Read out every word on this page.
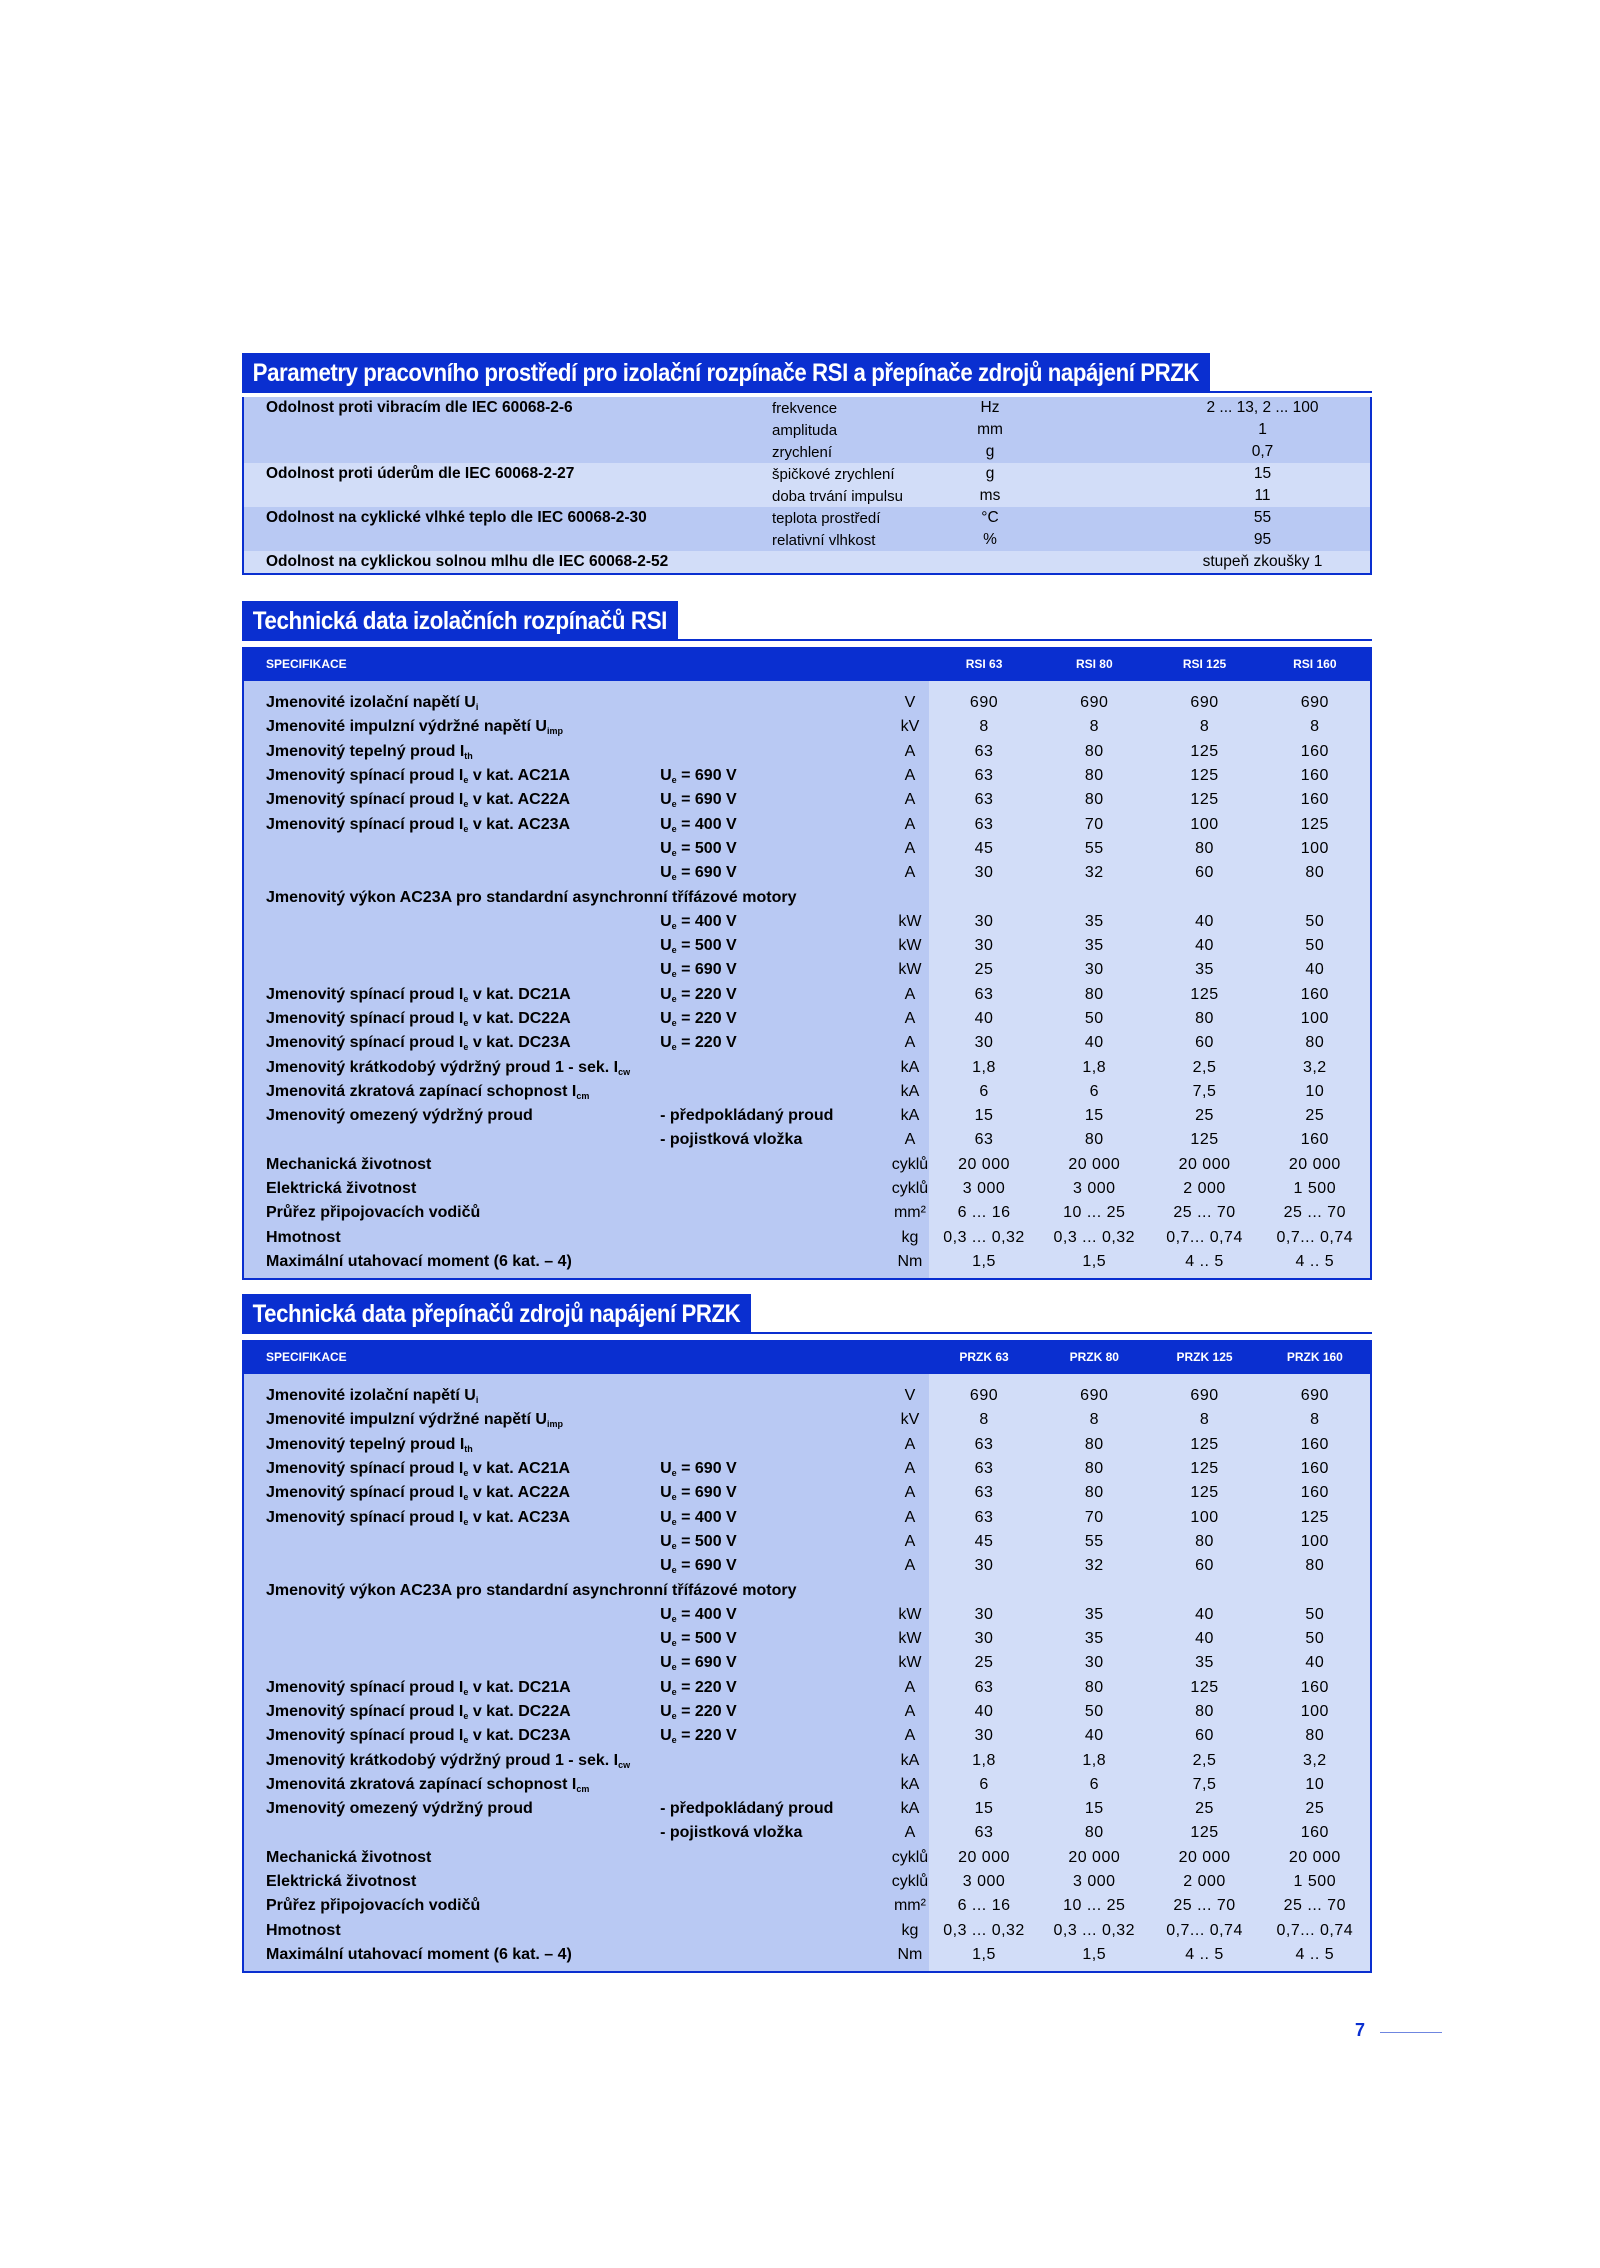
Parametry pracovního prostředí pro izolační rozpínače RSI a přepínače zdrojů napájení PRZK
Odolnost proti vibracím dle IEC 60068-2-6	frekvence	Hz	2 ... 13, 2 ... 100
	amplituda	mm	1
	zrychlení	g	0,7
Odolnost proti úderům dle IEC 60068-2-27	špičkové zrychlení	g	15
	doba trvání impulsu	ms	11
Odolnost na cyklické vlhké teplo dle IEC 60068-2-30	teplota prostředí	°C	55
	relativní vlhkost	%	95
Odolnost na cyklickou solnou mlhu dle IEC 60068-2-52			stupeň zkoušky 1
Technická data izolačních rozpínačů RSI
SPECIFIKACE			RSI 63	RSI 80	RSI 125	RSI 160

Jmenovité izolační napětí $U_i$		V	690	690	690	690
Jmenovité impulzní výdržné napětí $U_{imp}$		kV	8	8	8	8
Jmenovitý tepelný proud $I_{th}$		A	63	80	125	160
Jmenovitý spínací proud $I_e$ v kat. AC21A	$U_e = 690$ V	A	63	80	125	160
Jmenovitý spínací proud $I_e$ v kat. AC22A	$U_e = 690$ V	A	63	80	125	160
Jmenovitý spínací proud $I_e$ v kat. AC23A	$U_e = 400$ V	A	63	70	100	125
	$U_e = 500$ V	A	45	55	80	100
	$U_e = 690$ V	A	30	32	60	80
Jmenovitý výkon AC23A pro standardní asynchronní třífázové motory						
	$U_e = 400$ V	kW	30	35	40	50
	$U_e = 500$ V	kW	30	35	40	50
	$U_e = 690$ V	kW	25	30	35	40
Jmenovitý spínací proud $I_e$ v kat. DC21A	$U_e = 220$ V	A	63	80	125	160
Jmenovitý spínací proud $I_e$ v kat. DC22A	$U_e = 220$ V	A	40	50	80	100
Jmenovitý spínací proud $I_e$ v kat. DC23A	$U_e = 220$ V	A	30	40	60	80
Jmenovitý krátkodobý výdržný proud 1 - sek. $I_{cw}$		kA	1,8	1,8	2,5	3,2
Jmenovitá zkratová zapínací schopnost $I_{cm}$		kA	6	6	7,5	10
Jmenovitý omezený výdržný proud	- předpokládaný proud	kA	15	15	25	25
	- pojistková vložka	A	63	80	125	160
Mechanická životnost		cyklů	20 000	20 000	20 000	20 000
Elektrická životnost		cyklů	3 000	3 000	2 000	1 500
Průřez připojovacích vodičů		mm²	6 ... 16	10 ... 25	25 ... 70	25 ... 70
Hmotnost		kg	0,3 ... 0,32	0,3 ... 0,32	0,7... 0,74	0,7... 0,74
Maximální utahovací moment (6 kat. – 4)		Nm	1,5	1,5	4 .. 5	4 .. 5

Technická data přepínačů zdrojů napájení PRZK
SPECIFIKACE			PRZK 63	PRZK 80	PRZK 125	PRZK 160

Jmenovité izolační napětí $U_i$		V	690	690	690	690
Jmenovité impulzní výdržné napětí $U_{imp}$		kV	8	8	8	8
Jmenovitý tepelný proud $I_{th}$		A	63	80	125	160
Jmenovitý spínací proud $I_e$ v kat. AC21A	$U_e = 690$ V	A	63	80	125	160
Jmenovitý spínací proud $I_e$ v kat. AC22A	$U_e = 690$ V	A	63	80	125	160
Jmenovitý spínací proud $I_e$ v kat. AC23A	$U_e = 400$ V	A	63	70	100	125
	$U_e = 500$ V	A	45	55	80	100
	$U_e = 690$ V	A	30	32	60	80
Jmenovitý výkon AC23A pro standardní asynchronní třífázové motory						
	$U_e = 400$ V	kW	30	35	40	50
	$U_e = 500$ V	kW	30	35	40	50
	$U_e = 690$ V	kW	25	30	35	40
Jmenovitý spínací proud $I_e$ v kat. DC21A	$U_e = 220$ V	A	63	80	125	160
Jmenovitý spínací proud $I_e$ v kat. DC22A	$U_e = 220$ V	A	40	50	80	100
Jmenovitý spínací proud $I_e$ v kat. DC23A	$U_e = 220$ V	A	30	40	60	80
Jmenovitý krátkodobý výdržný proud 1 - sek. $I_{cw}$		kA	1,8	1,8	2,5	3,2
Jmenovitá zkratová zapínací schopnost $I_{cm}$		kA	6	6	7,5	10
Jmenovitý omezený výdržný proud	- předpokládaný proud	kA	15	15	25	25
	- pojistková vložka	A	63	80	125	160
Mechanická životnost		cyklů	20 000	20 000	20 000	20 000
Elektrická životnost		cyklů	3 000	3 000	2 000	1 500
Průřez připojovacích vodičů		mm²	6 ... 16	10 ... 25	25 ... 70	25 ... 70
Hmotnost		kg	0,3 ... 0,32	0,3 ... 0,32	0,7... 0,74	0,7... 0,74
Maximální utahovací moment (6 kat. – 4)		Nm	1,5	1,5	4 .. 5	4 .. 5

7
